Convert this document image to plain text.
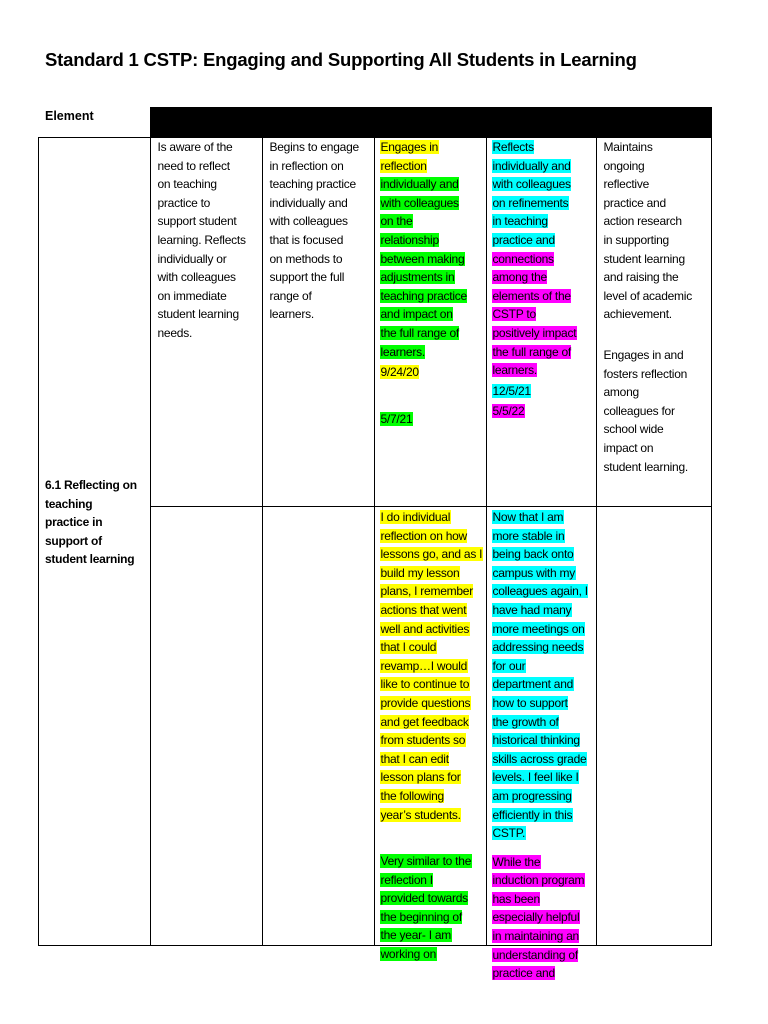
Standard 1 CSTP: Engaging and Supporting All Students in Learning
Element
6.1 Reflecting on
teaching
practice in
support of
student learning
Is aware of the
need to reflect
on teaching
practice to
support student
learning. Reflects
individually or
with colleagues
on immediate
student learning
needs.
Begins to engage
in reflection on
teaching practice
individually and
with colleagues
that is focused
on methods to
support the full
range of
learners.
Engages in
reflection
individually and
with colleagues
on the
relationship
between making
adjustments in
teaching practice
and impact on
the full range of
learners.
9/24/20
5/7/21
Reflects
individually and
with colleagues
on refinements
in teaching
practice and
connections
among the
elements of the
CSTP to
positively impact
the full range of
learners.
12/5/21
5/5/22
Maintains
ongoing
reflective
practice and
action research
in supporting
student learning
and raising the
level of academic
achievement.
Engages in and
fosters reflection
among
colleagues for
school wide
impact on
student learning.
I do individual
reflection on how
lessons go, and as I
build my lesson
plans, I remember
actions that went
well and activities
that I could
revamp…I would
like to continue to
provide questions
and get feedback
from students so
that I can edit
lesson plans for
the following
year’s students.
Very similar to the
reflection I
provided towards
the beginning of
the year- I am
working on
Now that I am
more stable in
being back onto
campus with my
colleagues again, I
have had many
more meetings on
addressing needs
for our
department and
how to support
the growth of
historical thinking
skills across grade
levels. I feel like I
am progressing
efficiently in this
CSTP.
While the
induction program
has been
especially helpful
in maintaining an
understanding of
practice and
